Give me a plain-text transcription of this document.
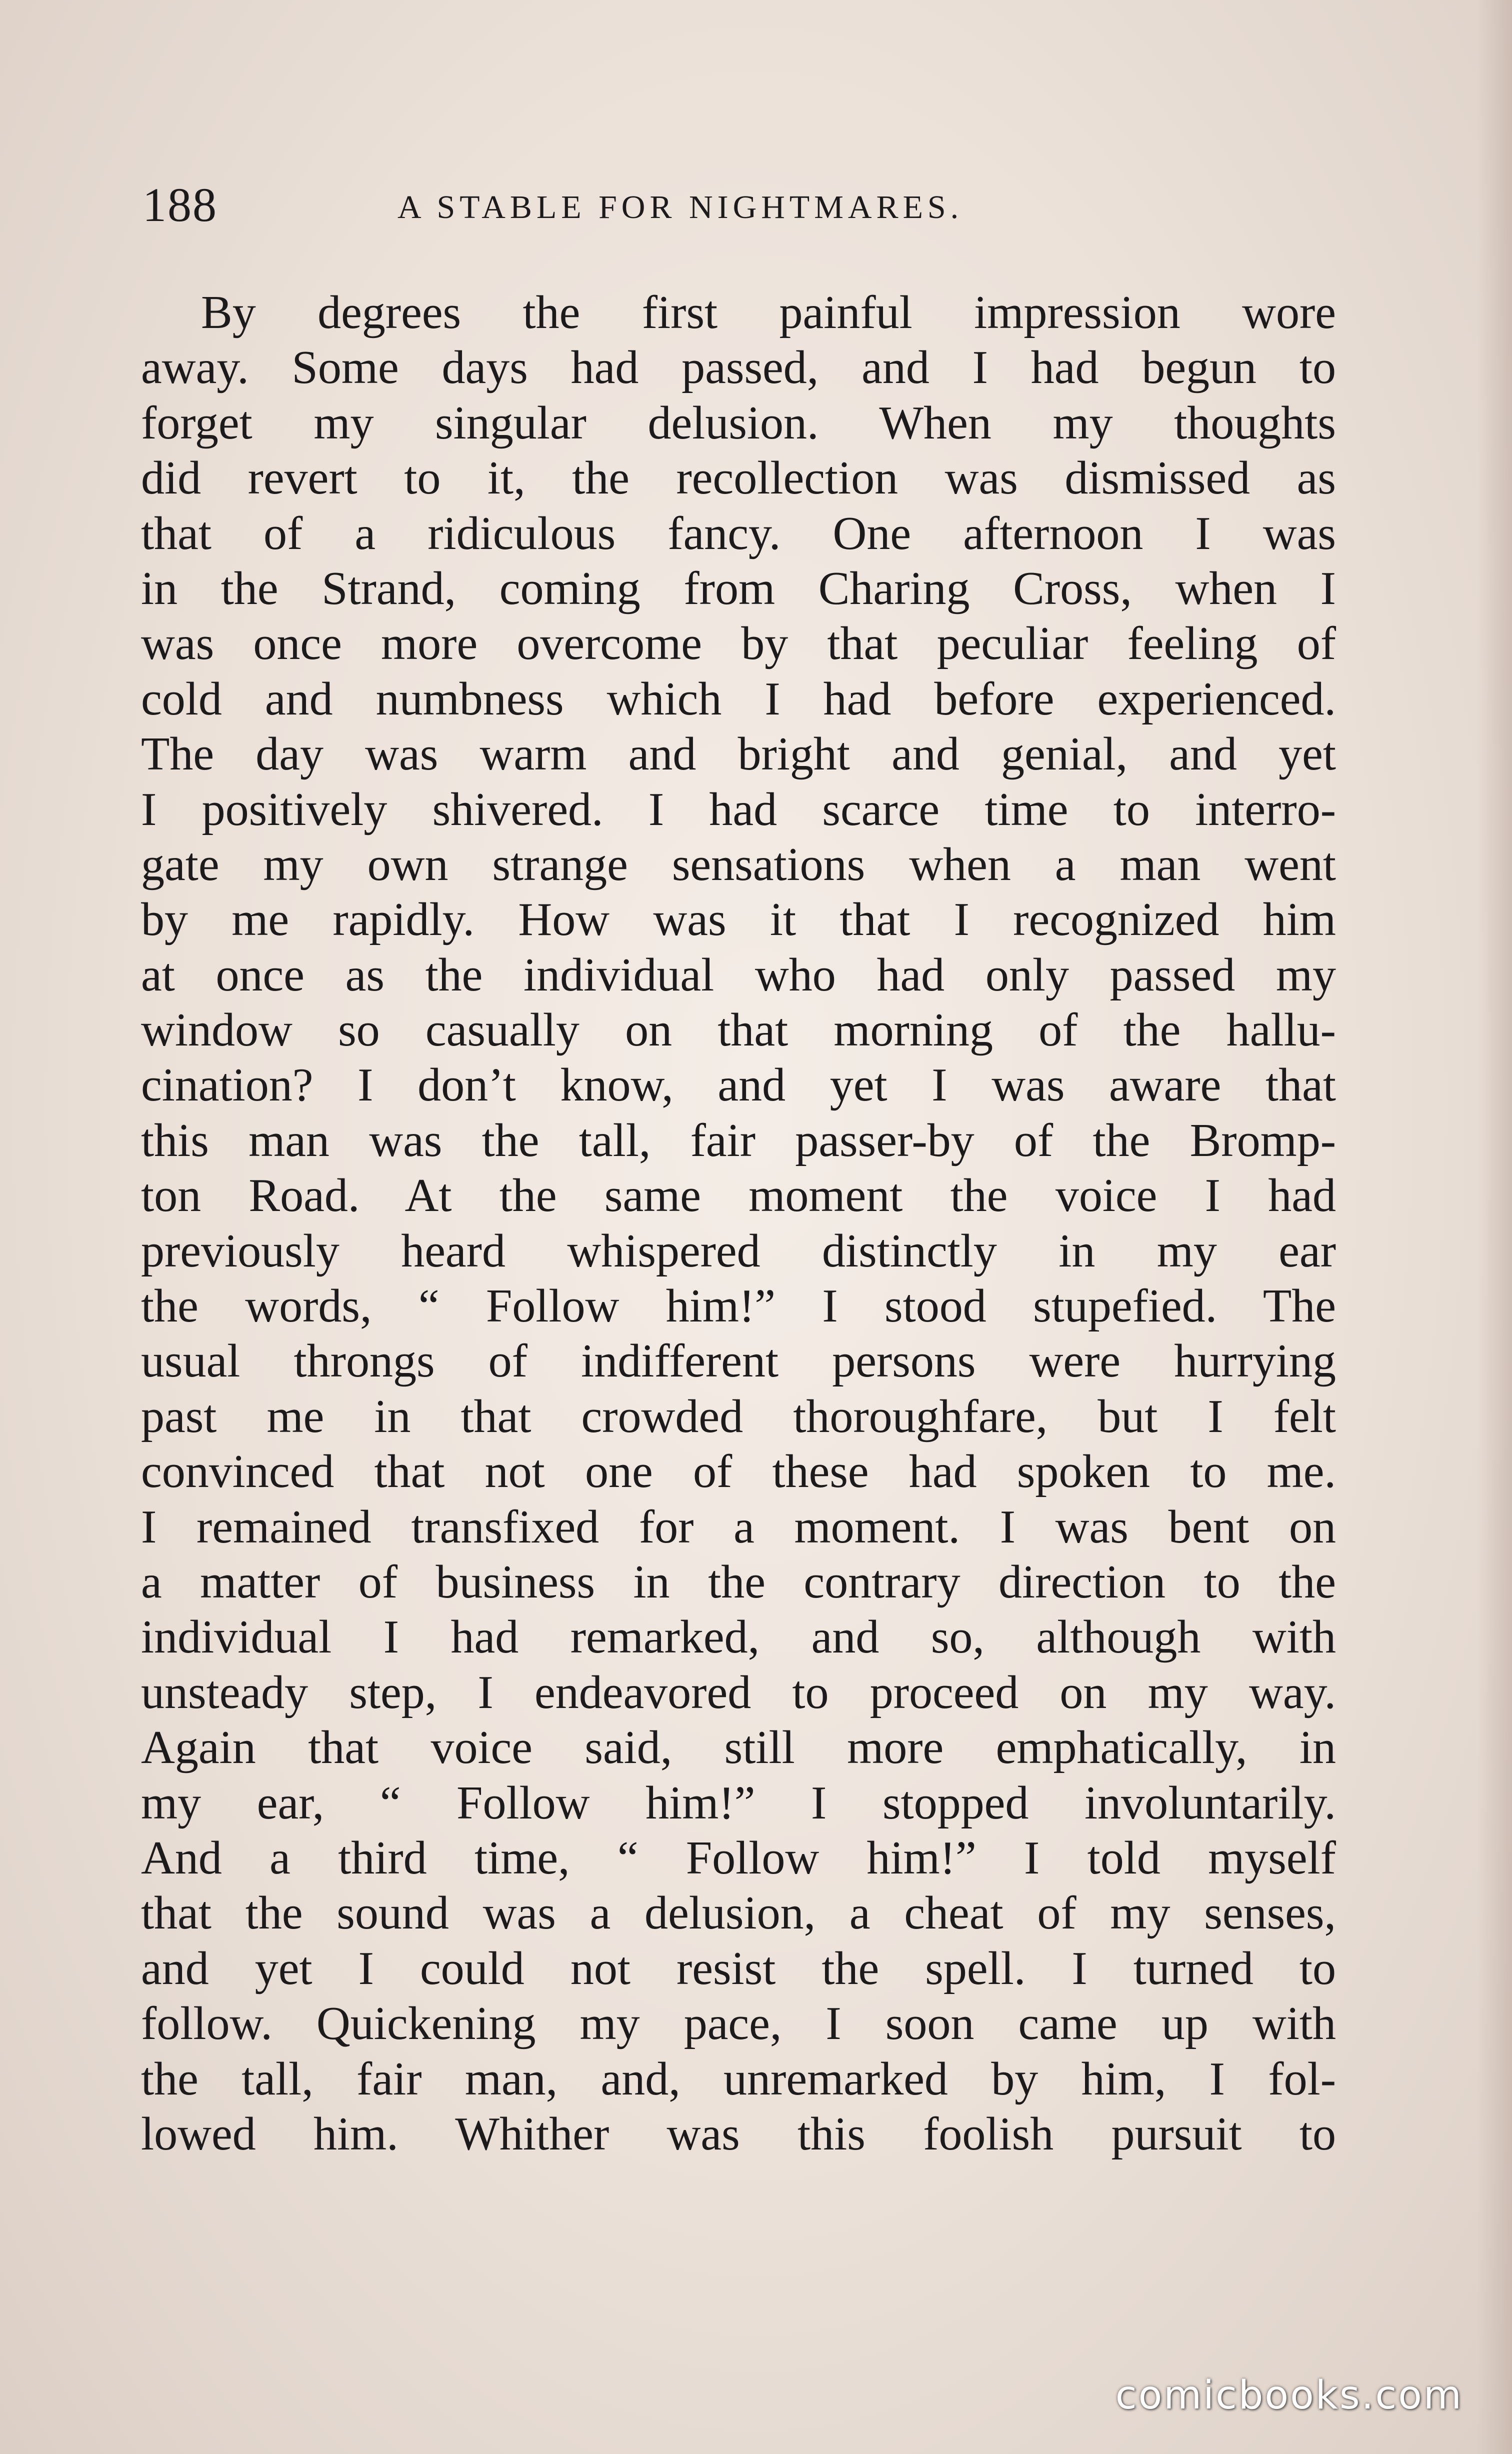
188	A STABLE FOR NIGHTMARES.
By degrees the first painful impression wore
away. Some days had passed, and I had begun to
forget my singular delusion. When my thoughts
did revert to it, the recollection was dismissed as
that of a ridiculous fancy. One afternoon I was
in the Strand, coming from Charing Cross, when I
was once more overcome by that peculiar feeling of
cold and numbness which I had before experienced.
The day was warm and bright and genial, and yet
I positively shivered. I had scarce time to interro-
gate my own strange sensations when a man went
by me rapidly. How was it that I recognized him
at once as the individual who had only passed my
window so casually on that morning of the hallu-
cination? I don’t know, and yet I was aware that
this man was the tall, fair passer-by of the Bromp-
ton Road. At the same moment the voice I had
previously heard whispered distinctly in my ear
the words, “ Follow him!” I stood stupefied. The
usual throngs of indifferent persons were hurrying
past me in that crowded thoroughfare, but I felt
convinced that not one of these had spoken to me.
I remained transfixed for a moment. I was bent on
a matter of business in the contrary direction to the
individual I had remarked, and so, although with
unsteady step, I endeavored to proceed on my way.
Again that voice said, still more emphatically, in
my ear, “ Follow him!” I stopped involuntarily.
And a third time, “ Follow him!” I told myself
that the sound was a delusion, a cheat of my senses,
and yet I could not resist the spell. I turned to
follow. Quickening my pace, I soon came up with
the tall, fair man, and, unremarked by him, I fol-
lowed him. Whither was this foolish pursuit to
comicbooks.com
